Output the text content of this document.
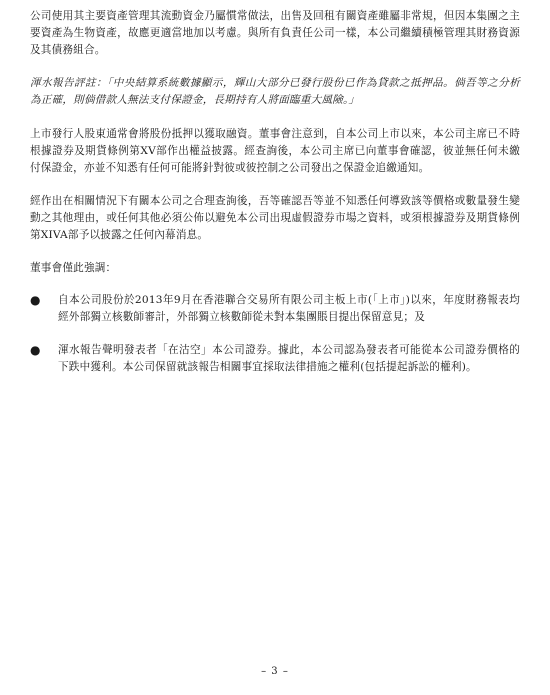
公司使用其主要資產管理其流動資金乃屬慣常做法，出售及回租有關資產雖屬非常規，但因本集團之主要資產為生物資產，故應更適當地加以考慮。與所有負責任公司一樣，本公司繼續積極管理其財務資源及其債務組合。

渾水報告評註：「中央結算系統數據顯示，輝山大部分已發行股份已作為貸款之抵押品。倘吾等之分析為正確，則倘借款人無法支付保證金，長期持有人將面臨重大風險。」

上市發行人股東通常會將股份抵押以獲取融資。董事會注意到，自本公司上市以來，本公司主席已不時根據證券及期貨條例第XV部作出權益披露。經查詢後，本公司主席已向董事會確認，彼並無任何未繳付保證金，亦並不知悉有任何可能將針對彼或彼控制之公司發出之保證金追繳通知。

經作出在相關情況下有關本公司之合理查詢後，吾等確認吾等並不知悉任何導致該等價格或數量發生變動之其他理由，或任何其他必須公佈以避免本公司出現虛假證券市場之資料，或須根據證券及期貨條例第XIVA部予以披露之任何內幕消息。

董事會僅此強調：

● 自本公司股份於2013年9月在香港聯合交易所有限公司主板上市(「上市」)以來，年度財務報表均經外部獨立核數師審計，外部獨立核數師從未對本集團賬目提出保留意見；及
● 渾水報告聲明發表者「在沽空」本公司證券。據此，本公司認為發表者可能從本公司證券價格的下跌中獲利。本公司保留就該報告相關事宜採取法律措施之權利(包括提起訴訟的權利)。
– 3 –
